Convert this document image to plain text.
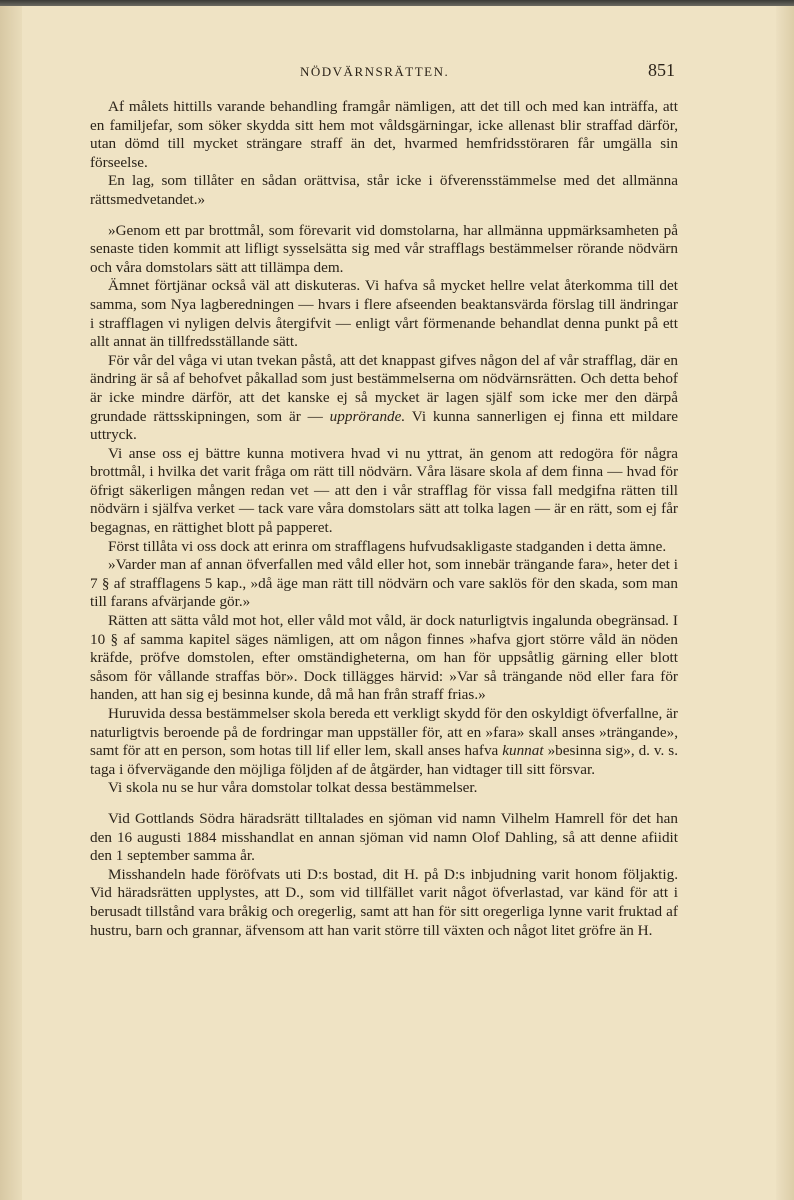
NÖDVÄRNSRÄTTEN.	851

Af målets hittills varande behandling framgår nämligen, att det till och med kan inträffa, att en familjefar, som söker skydda sitt hem mot våldsgärningar, icke allenast blir straffad därför, utan dömd till mycket strängare straff än det, hvarmed hemfridsstöraren får umgälla sin förseelse.

En lag, som tillåter en sådan orättvisa, står icke i öfverensstämmelse med det allmänna rättsmedvetandet.»

»Genom ett par brottmål, som förevarit vid domstolarna, har allmänna uppmärksamheten på senaste tiden kommit att lifligt sysselsätta sig med vår strafflags bestämmelser rörande nödvärn och våra domstolars sätt att tillämpa dem.

Ämnet förtjänar också väl att diskuteras. Vi hafva så mycket hellre velat återkomma till det samma, som Nya lagberedningen — hvars i flere afseenden beaktansvärda förslag till ändringar i strafflagen vi nyligen delvis återgifvit — enligt vårt förmenande behandlat denna punkt på ett allt annat än tillfredsställande sätt.

För vår del våga vi utan tvekan påstå, att det knappast gifves någon del af vår strafflag, där en ändring är så af behofvet påkallad som just bestämmelserna om nödvärnsrätten. Och detta behof är icke mindre därför, att det kanske ej så mycket är lagen själf som icke mer den därpå grundade rättsskipningen, som är — upprörande. Vi kunna sannerligen ej finna ett mildare uttryck.

Vi anse oss ej bättre kunna motivera hvad vi nu yttrat, än genom att redogöra för några brottmål, i hvilka det varit fråga om rätt till nödvärn. Våra läsare skola af dem finna — hvad för öfrigt säkerligen mången redan vet — att den i vår strafflag för vissa fall medgifna rätten till nödvärn i själfva verket — tack vare våra domstolars sätt att tolka lagen — är en rätt, som ej får begagnas, en rättighet blott på papperet.

Först tillåta vi oss dock att erinra om strafflagens hufvudsakligaste stadganden i detta ämne.

»Varder man af annan öfverfallen med våld eller hot, som innebär trängande fara», heter det i 7 § af strafflagens 5 kap., »då äge man rätt till nödvärn och vare saklös för den skada, som man till farans afvärjande gör.»

Rätten att sätta våld mot hot, eller våld mot våld, är dock naturligtvis ingalunda obegränsad. I 10 § af samma kapitel säges nämligen, att om någon finnes »hafva gjort större våld än nöden kräfde, pröfve domstolen, efter omständigheterna, om han för uppsåtlig gärning eller blott såsom för vållande straffas bör». Dock tillägges härvid: »Var så trängande nöd eller fara för handen, att han sig ej besinna kunde, då må han från straff frias.»

Huruvida dessa bestämmelser skola bereda ett verkligt skydd för den oskyldigt öfverfallne, är naturligtvis beroende på de fordringar man uppställer för, att en »fara» skall anses »trängande», samt för att en person, som hotas till lif eller lem, skall anses hafva kunnat »besinna sig», d. v. s. taga i öfvervägande den möjliga följden af de åtgärder, han vidtager till sitt försvar.

Vi skola nu se hur våra domstolar tolkat dessa bestämmelser.

Vid Gottlands Södra häradsrätt tilltalades en sjöman vid namn Vilhelm Hamrell för det han den 16 augusti 1884 misshandlat en annan sjöman vid namn Olof Dahling, så att denne afiidit den 1 september samma år.

Misshandeln hade föröfvats uti D:s bostad, dit H. på D:s inbjudning varit honom följaktig. Vid häradsrätten upplystes, att D., som vid tillfället varit något öfverlastad, var känd för att i berusadt tillstånd vara bråkig och oregerlig, samt att han för sitt oregerliga lynne varit fruktad af hustru, barn och grannar, äfvensom att han varit större till växten och något litet gröfre än H.
